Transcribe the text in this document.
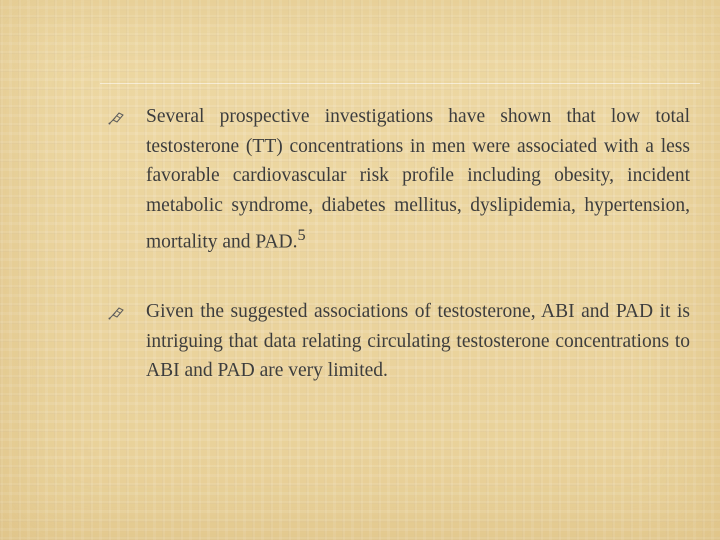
Several prospective investigations have shown that low total testosterone (TT) concentrations in men were associated with a less favorable cardiovascular risk profile including obesity, incident metabolic syndrome, diabetes mellitus, dyslipidemia, hypertension, mortality and PAD.$^5$
Given the suggested associations of testosterone, ABI and PAD it is intriguing that data relating circulating testosterone concentrations to ABI and PAD are very limited.
